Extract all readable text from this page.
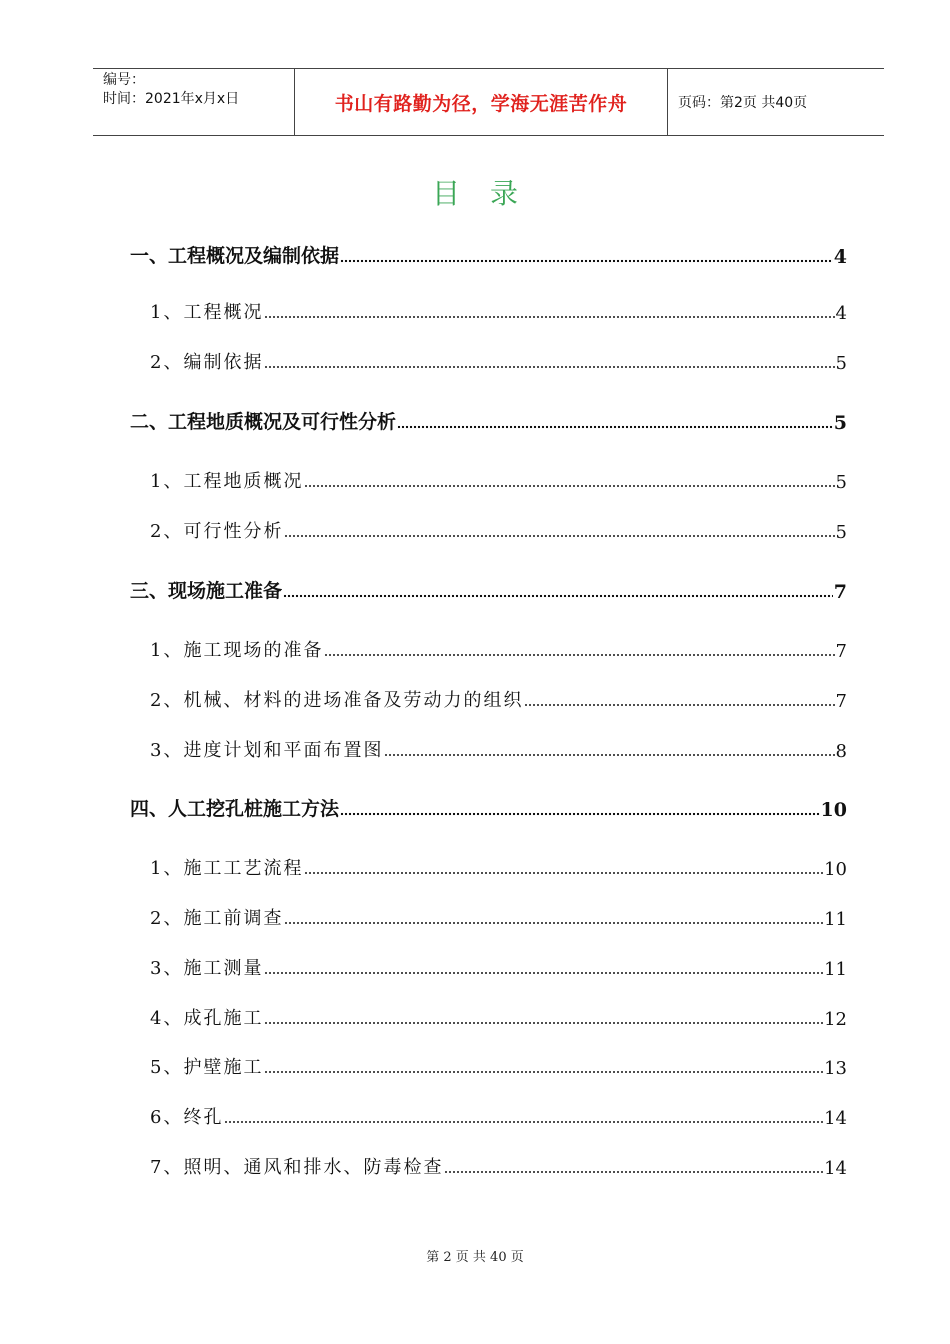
编号：
时间：2021年x月x日	书山有路勤为径，学海无涯苦作舟	页码：第2页 共40页
目录
一、工程概况及编制依据	4
1、工程概况	4
2、编制依据	5
二、工程地质概况及可行性分析	5
1、工程地质概况	5
2、可行性分析	5
三、现场施工准备	7
1、施工现场的准备	7
2、机械、材料的进场准备及劳动力的组织	7
3、进度计划和平面布置图	8
四、人工挖孔桩施工方法	10
1、施工工艺流程	10
2、施工前调查	11
3、施工测量	11
4、成孔施工	12
5、护壁施工	13
6、终孔	14
7、照明、通风和排水、防毒检查	14
第 2 页 共 40 页
